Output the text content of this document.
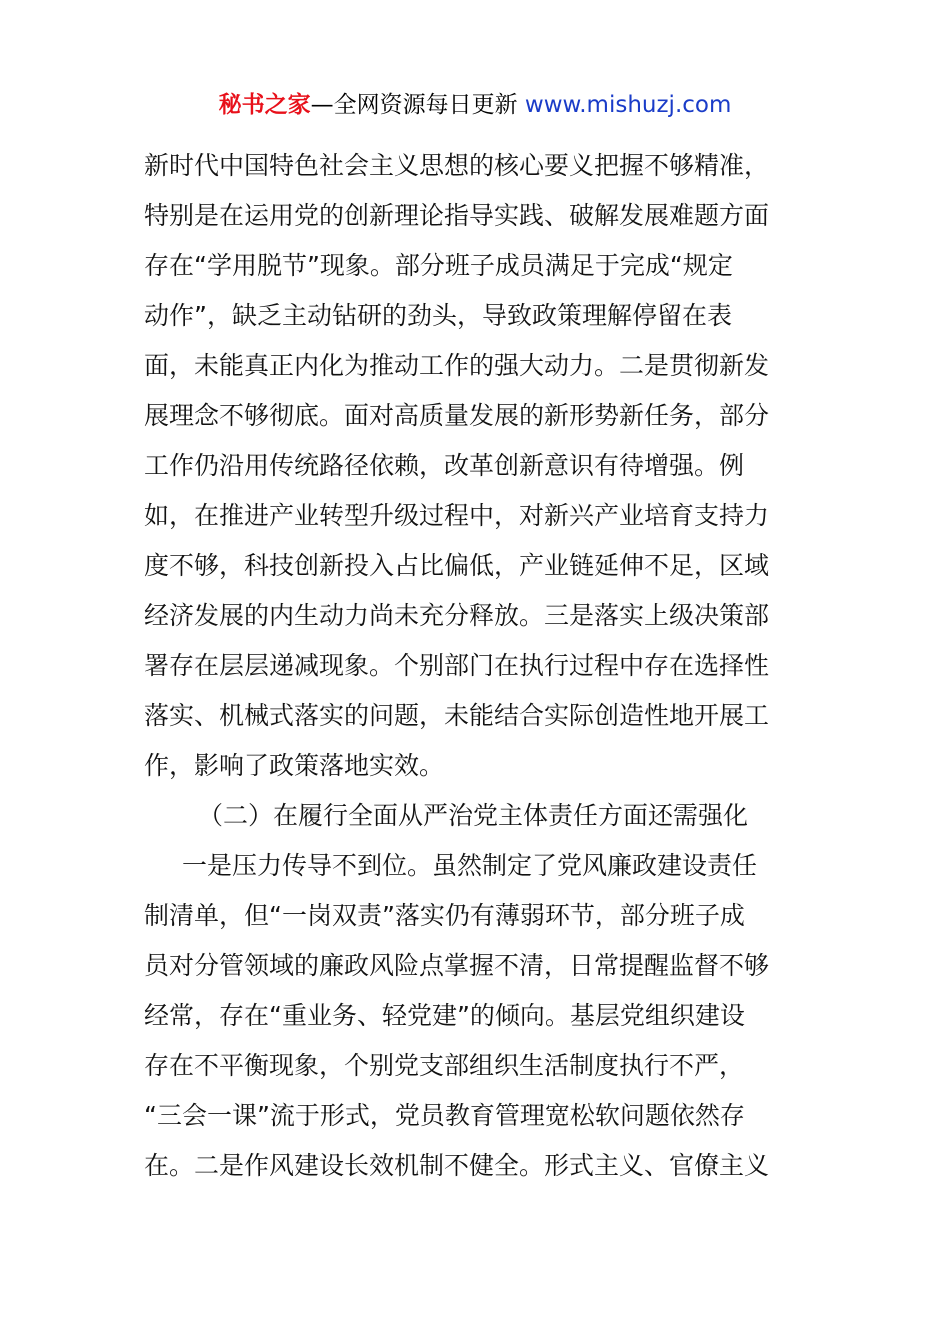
秘书之家—全网资源每日更新 www.mishuzj.com
新时代中国特色社会主义思想的核心要义把握不够精准，
特别是在运用党的创新理论指导实践、破解发展难题方面
存在“学用脱节”现象。部分班子成员满足于完成“规定
动作”，缺乏主动钻研的劲头，导致政策理解停留在表
面，未能真正内化为推动工作的强大动力。二是贯彻新发
展理念不够彻底。面对高质量发展的新形势新任务，部分
工作仍沿用传统路径依赖，改革创新意识有待增强。例
如，在推进产业转型升级过程中，对新兴产业培育支持力
度不够，科技创新投入占比偏低，产业链延伸不足，区域
经济发展的内生动力尚未充分释放。三是落实上级决策部
署存在层层递减现象。个别部门在执行过程中存在选择性
落实、机械式落实的问题，未能结合实际创造性地开展工
作，影响了政策落地实效。
（二）在履行全面从严治党主体责任方面还需强化
一是压力传导不到位。虽然制定了党风廉政建设责任
制清单，但“一岗双责”落实仍有薄弱环节，部分班子成
员对分管领域的廉政风险点掌握不清，日常提醒监督不够
经常，存在“重业务、轻党建”的倾向。基层党组织建设
存在不平衡现象，个别党支部组织生活制度执行不严，
“三会一课”流于形式，党员教育管理宽松软问题依然存
在。二是作风建设长效机制不健全。形式主义、官僚主义
